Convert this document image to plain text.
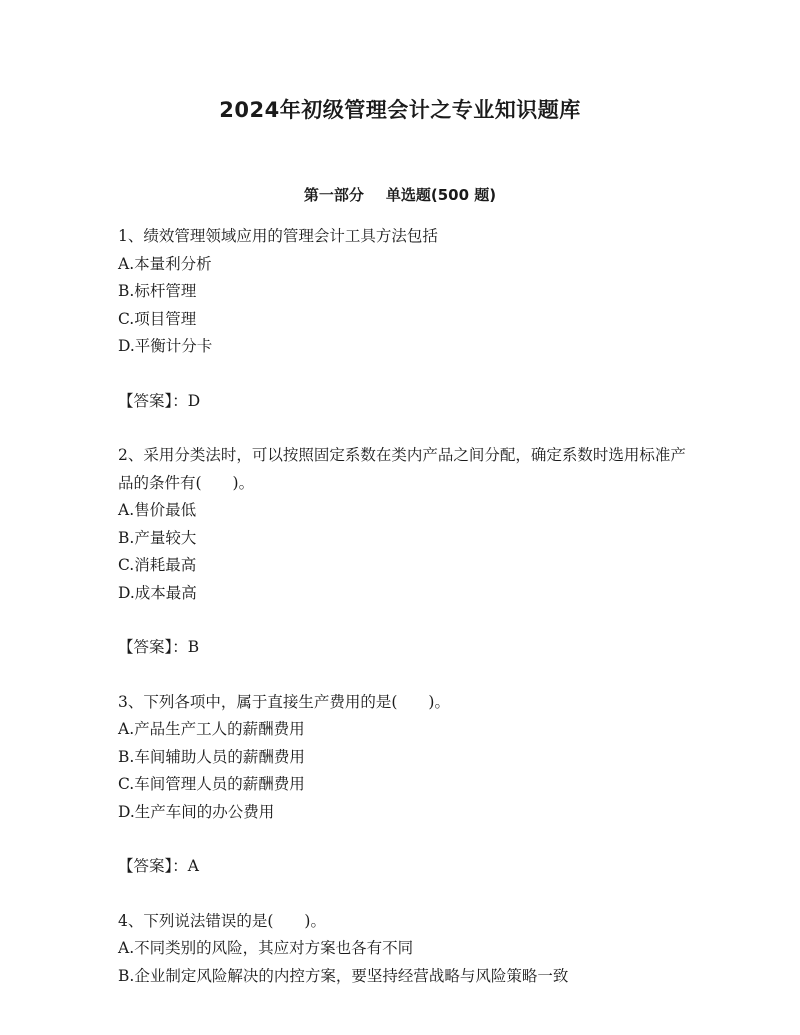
2024年初级管理会计之专业知识题库
第一部分 单选题(500 题)
1、绩效管理领域应用的管理会计工具方法包括
A.本量利分析
B.标杆管理
C.项目管理
D.平衡计分卡
【答案】：D
2、采用分类法时，可以按照固定系数在类内产品之间分配，确定系数时选用标准产品的条件有(　　)。
A.售价最低
B.产量较大
C.消耗最高
D.成本最高
【答案】：B
3、下列各项中，属于直接生产费用的是(　　)。
A.产品生产工人的薪酬费用
B.车间辅助人员的薪酬费用
C.车间管理人员的薪酬费用
D.生产车间的办公费用
【答案】：A
4、下列说法错误的是(　　)。
A.不同类别的风险，其应对方案也各有不同
B.企业制定风险解决的内控方案，要坚持经营战略与风险策略一致
